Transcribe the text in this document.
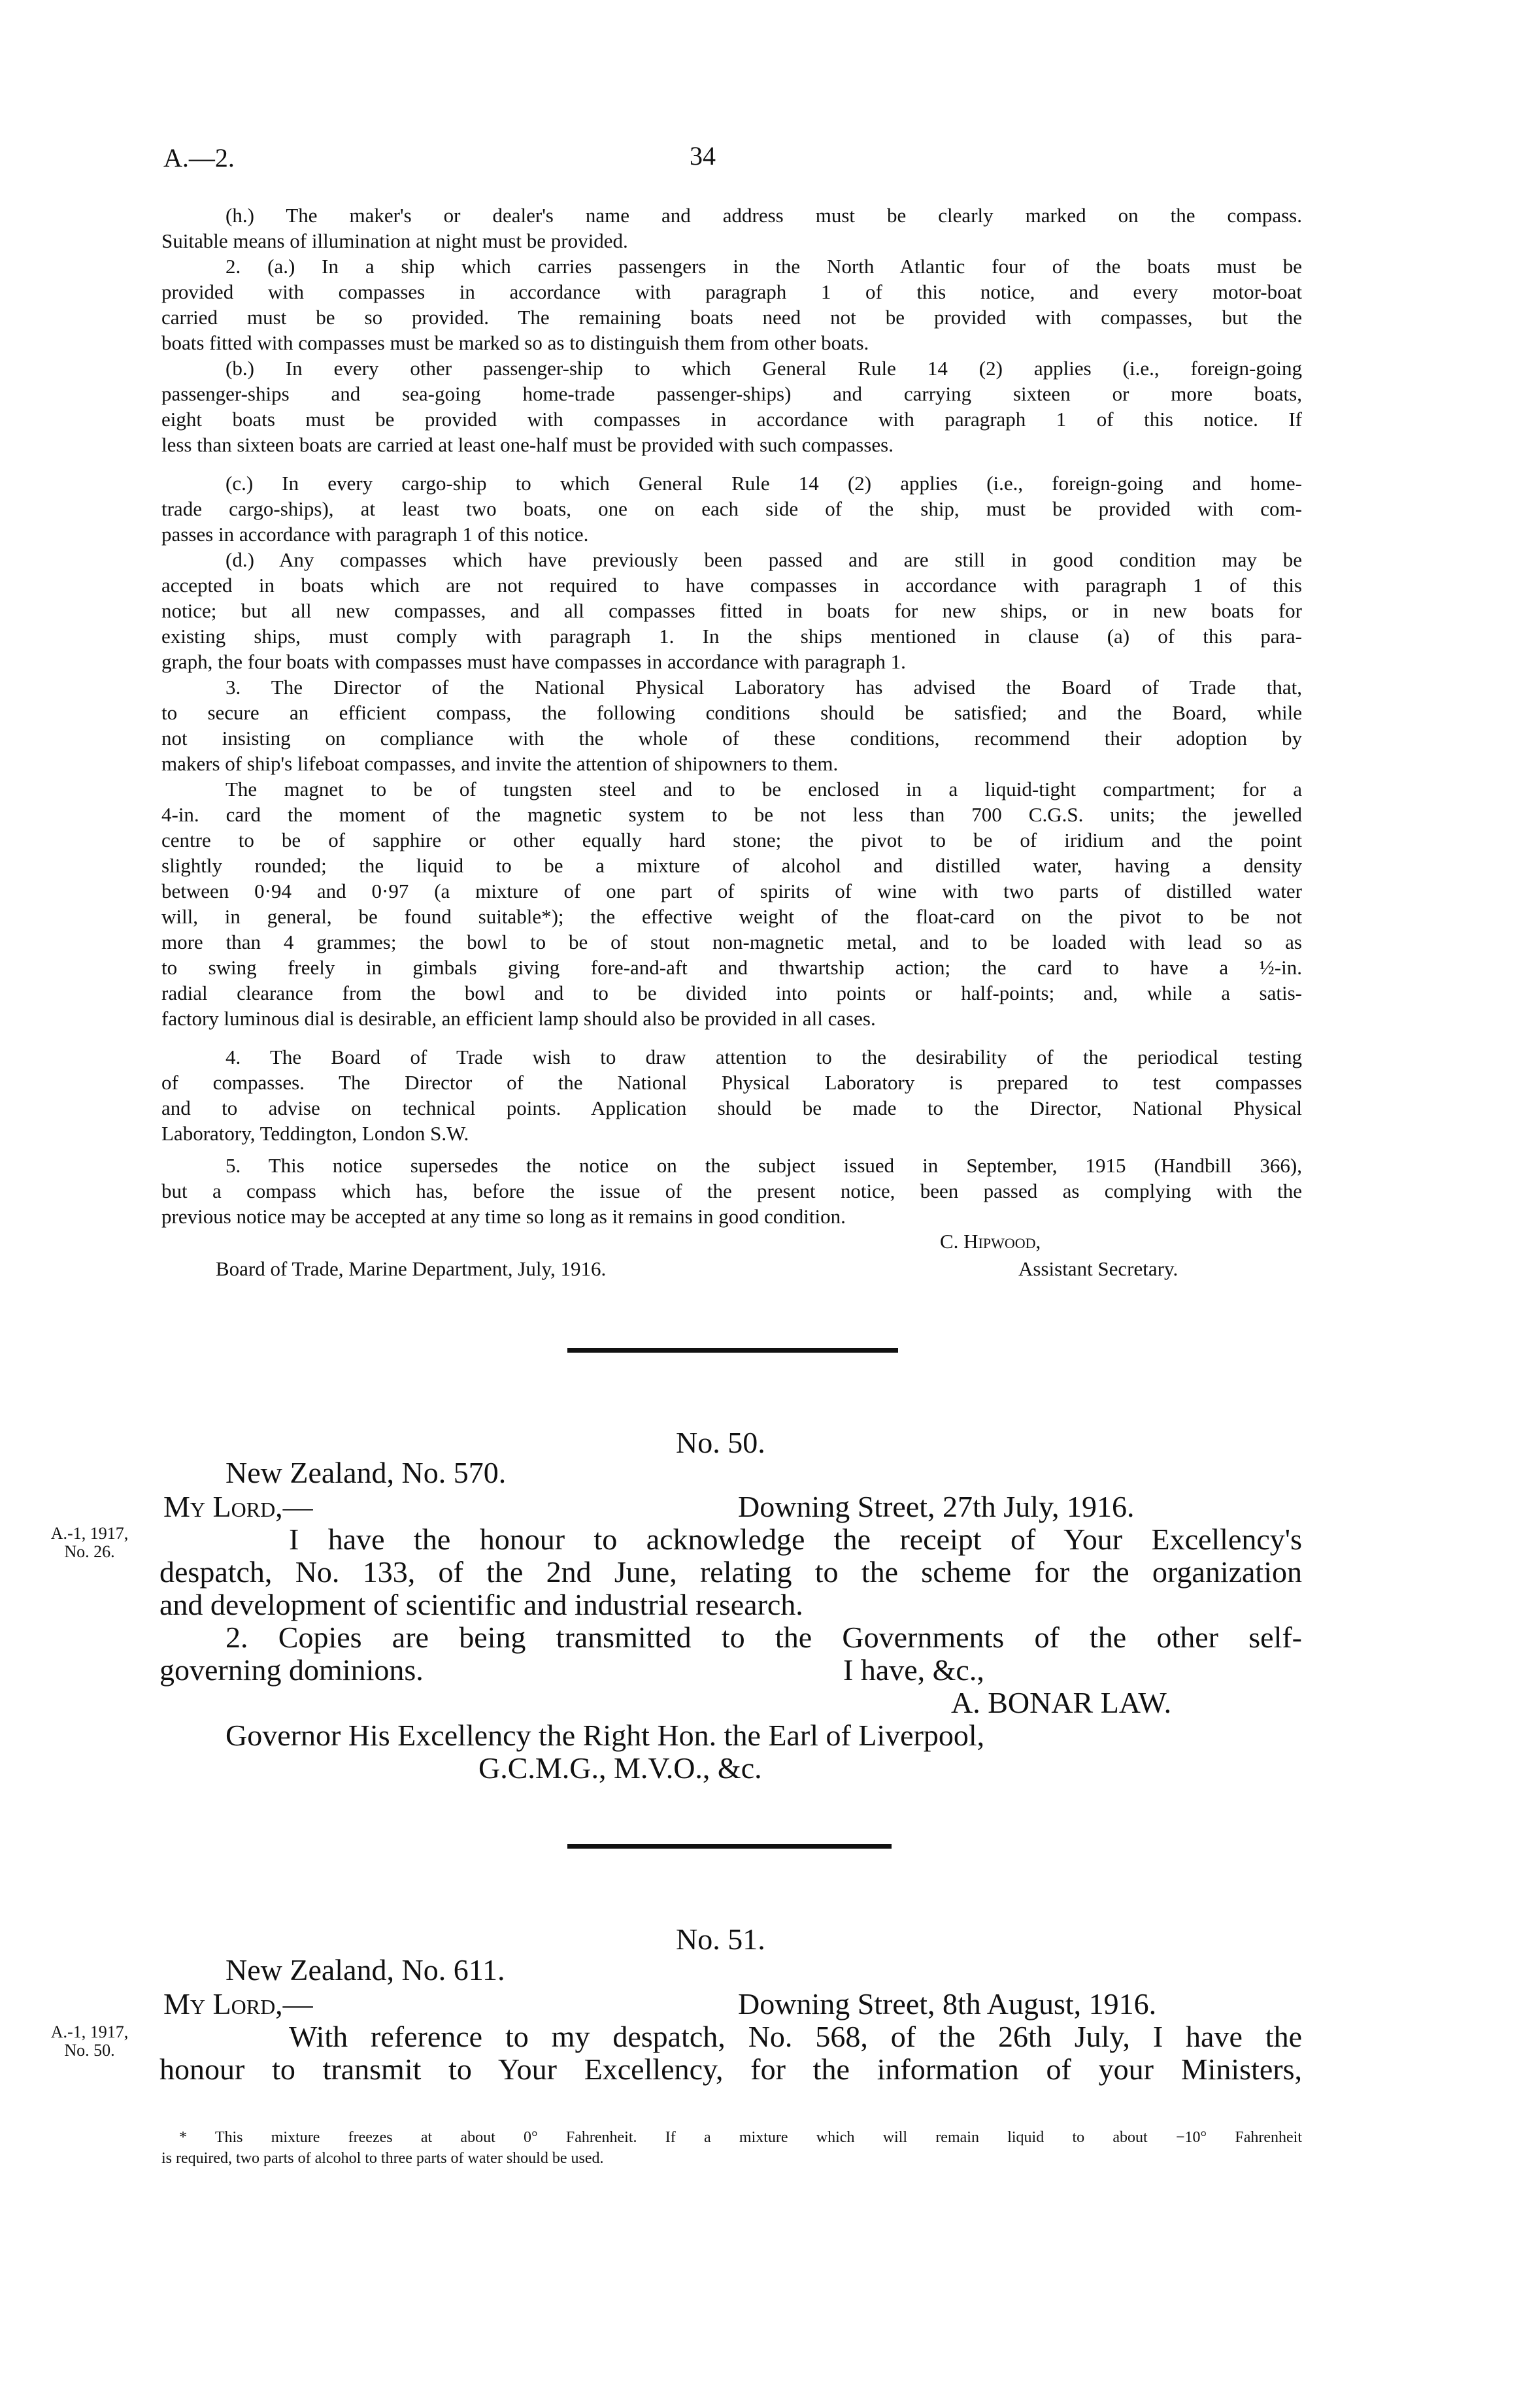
A.—2.	34
(h.) The maker's or dealer's name and address must be clearly marked on the compass.
Suitable means of illumination at night must be provided.
2. (a.) In a ship which carries passengers in the North Atlantic four of the boats must be
provided with compasses in accordance with paragraph 1 of this notice, and every motor-boat
carried must be so provided. The remaining boats need not be provided with compasses, but the
boats fitted with compasses must be marked so as to distinguish them from other boats.
(b.) In every other passenger-ship to which General Rule 14 (2) applies (i.e., foreign-going
passenger-ships and sea-going home-trade passenger-ships) and carrying sixteen or more boats,
eight boats must be provided with compasses in accordance with paragraph 1 of this notice. If
less than sixteen boats are carried at least one-half must be provided with such compasses.
(c.) In every cargo-ship to which General Rule 14 (2) applies (i.e., foreign-going and home-
trade cargo-ships), at least two boats, one on each side of the ship, must be provided with com-
passes in accordance with paragraph 1 of this notice.
(d.) Any compasses which have previously been passed and are still in good condition may be
accepted in boats which are not required to have compasses in accordance with paragraph 1 of this
notice; but all new compasses, and all compasses fitted in boats for new ships, or in new boats for
existing ships, must comply with paragraph 1. In the ships mentioned in clause (a) of this para-
graph, the four boats with compasses must have compasses in accordance with paragraph 1.
3. The Director of the National Physical Laboratory has advised the Board of Trade that,
to secure an efficient compass, the following conditions should be satisfied; and the Board, while
not insisting on compliance with the whole of these conditions, recommend their adoption by
makers of ship's lifeboat compasses, and invite the attention of shipowners to them.
The magnet to be of tungsten steel and to be enclosed in a liquid-tight compartment; for a
4-in. card the moment of the magnetic system to be not less than 700 C.G.S. units; the jewelled
centre to be of sapphire or other equally hard stone; the pivot to be of iridium and the point
slightly rounded; the liquid to be a mixture of alcohol and distilled water, having a density
between 0·94 and 0·97 (a mixture of one part of spirits of wine with two parts of distilled water
will, in general, be found suitable*); the effective weight of the float-card on the pivot to be not
more than 4 grammes; the bowl to be of stout non-magnetic metal, and to be loaded with lead so as
to swing freely in gimbals giving fore-and-aft and thwartship action; the card to have a ½-in.
radial clearance from the bowl and to be divided into points or half-points; and, while a satis-
factory luminous dial is desirable, an efficient lamp should also be provided in all cases.
4. The Board of Trade wish to draw attention to the desirability of the periodical testing
of compasses. The Director of the National Physical Laboratory is prepared to test compasses
and to advise on technical points. Application should be made to the Director, National Physical
Laboratory, Teddington, London S.W.
5. This notice supersedes the notice on the subject issued in September, 1915 (Handbill 366),
but a compass which has, before the issue of the present notice, been passed as complying with the
previous notice may be accepted at any time so long as it remains in good condition.
C. Hipwood,
Board of Trade, Marine Department, July, 1916.	Assistant Secretary.
No. 50.
New Zealand, No. 570.
My Lord,—	Downing Street, 27th July, 1916.
A.-1, 1917,
No. 26.	I have the honour to acknowledge the receipt of Your Excellency's
despatch, No. 133, of the 2nd June, relating to the scheme for the organization
and development of scientific and industrial research.
2. Copies are being transmitted to the Governments of the other self-
governing dominions.	I have, &c.,
A. BONAR LAW.
Governor His Excellency the Right Hon. the Earl of Liverpool,
G.C.M.G., M.V.O., &c.
No. 51.
New Zealand, No. 611.
My Lord,—	Downing Street, 8th August, 1916.
A.-1, 1917,
No. 50.	With reference to my despatch, No. 568, of the 26th July, I have the
honour to transmit to Your Excellency, for the information of your Ministers,
* This mixture freezes at about 0° Fahrenheit. If a mixture which will remain liquid to about −10° Fahrenheit
is required, two parts of alcohol to three parts of water should be used.
